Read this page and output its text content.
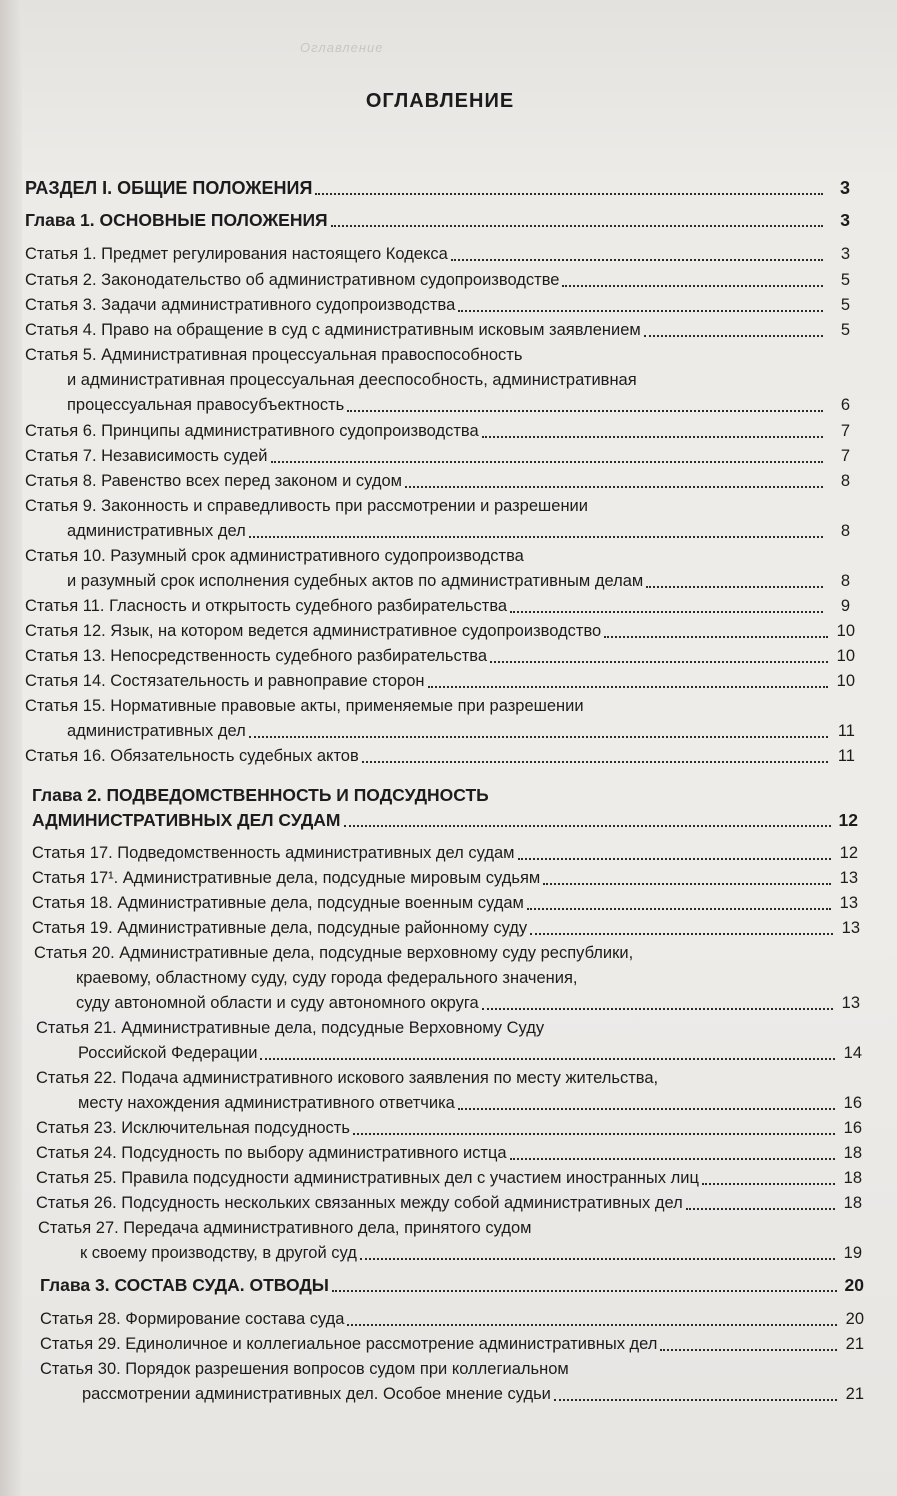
Оглавление
ОГЛАВЛЕНИЕ
РАЗДЕЛ I. ОБЩИЕ ПОЛОЖЕНИЯ	3
Глава 1. ОСНОВНЫЕ ПОЛОЖЕНИЯ	3
Статья 1. Предмет регулирования настоящего Кодекса	3
Статья 2. Законодательство об административном судопроизводстве	5
Статья 3. Задачи административного судопроизводства	5
Статья 4. Право на обращение в суд с административным исковым заявлением	5
Статья 5. Административная процессуальная правоспособность
и административная процессуальная дееспособность, административная
процессуальная правосубъектность	6
Статья 6. Принципы административного судопроизводства	7
Статья 7. Независимость судей	7
Статья 8. Равенство всех перед законом и судом	8
Статья 9. Законность и справедливость при рассмотрении и разрешении
административных дел	8
Статья 10. Разумный срок административного судопроизводства
и разумный срок исполнения судебных актов по административным делам	8
Статья 11. Гласность и открытость судебного разбирательства	9
Статья 12. Язык, на котором ведется административное судопроизводство	10
Статья 13. Непосредственность судебного разбирательства	10
Статья 14. Состязательность и равноправие сторон	10
Статья 15. Нормативные правовые акты, применяемые при разрешении
административных дел	11
Статья 16. Обязательность судебных актов	11
Глава 2. ПОДВЕДОМСТВЕННОСТЬ И ПОДСУДНОСТЬ
АДМИНИСТРАТИВНЫХ ДЕЛ СУДАМ	12
Статья 17. Подведомственность административных дел судам	12
Статья 17¹. Административные дела, подсудные мировым судьям	13
Статья 18. Административные дела, подсудные военным судам	13
Статья 19. Административные дела, подсудные районному суду	13
Статья 20. Административные дела, подсудные верховному суду республики,
краевому, областному суду, суду города федерального значения,
суду автономной области и суду автономного округа	13
Статья 21. Административные дела, подсудные Верховному Суду
Российской Федерации	14
Статья 22. Подача административного искового заявления по месту жительства,
месту нахождения административного ответчика	16
Статья 23. Исключительная подсудность	16
Статья 24. Подсудность по выбору административного истца	18
Статья 25. Правила подсудности административных дел с участием иностранных лиц	18
Статья 26. Подсудность нескольких связанных между собой административных дел	18
Статья 27. Передача административного дела, принятого судом
к своему производству, в другой суд	19
Глава 3. СОСТАВ СУДА. ОТВОДЫ	20
Статья 28. Формирование состава суда	20
Статья 29. Единоличное и коллегиальное рассмотрение административных дел	21
Статья 30. Порядок разрешения вопросов судом при коллегиальном
рассмотрении административных дел. Особое мнение судьи	21
